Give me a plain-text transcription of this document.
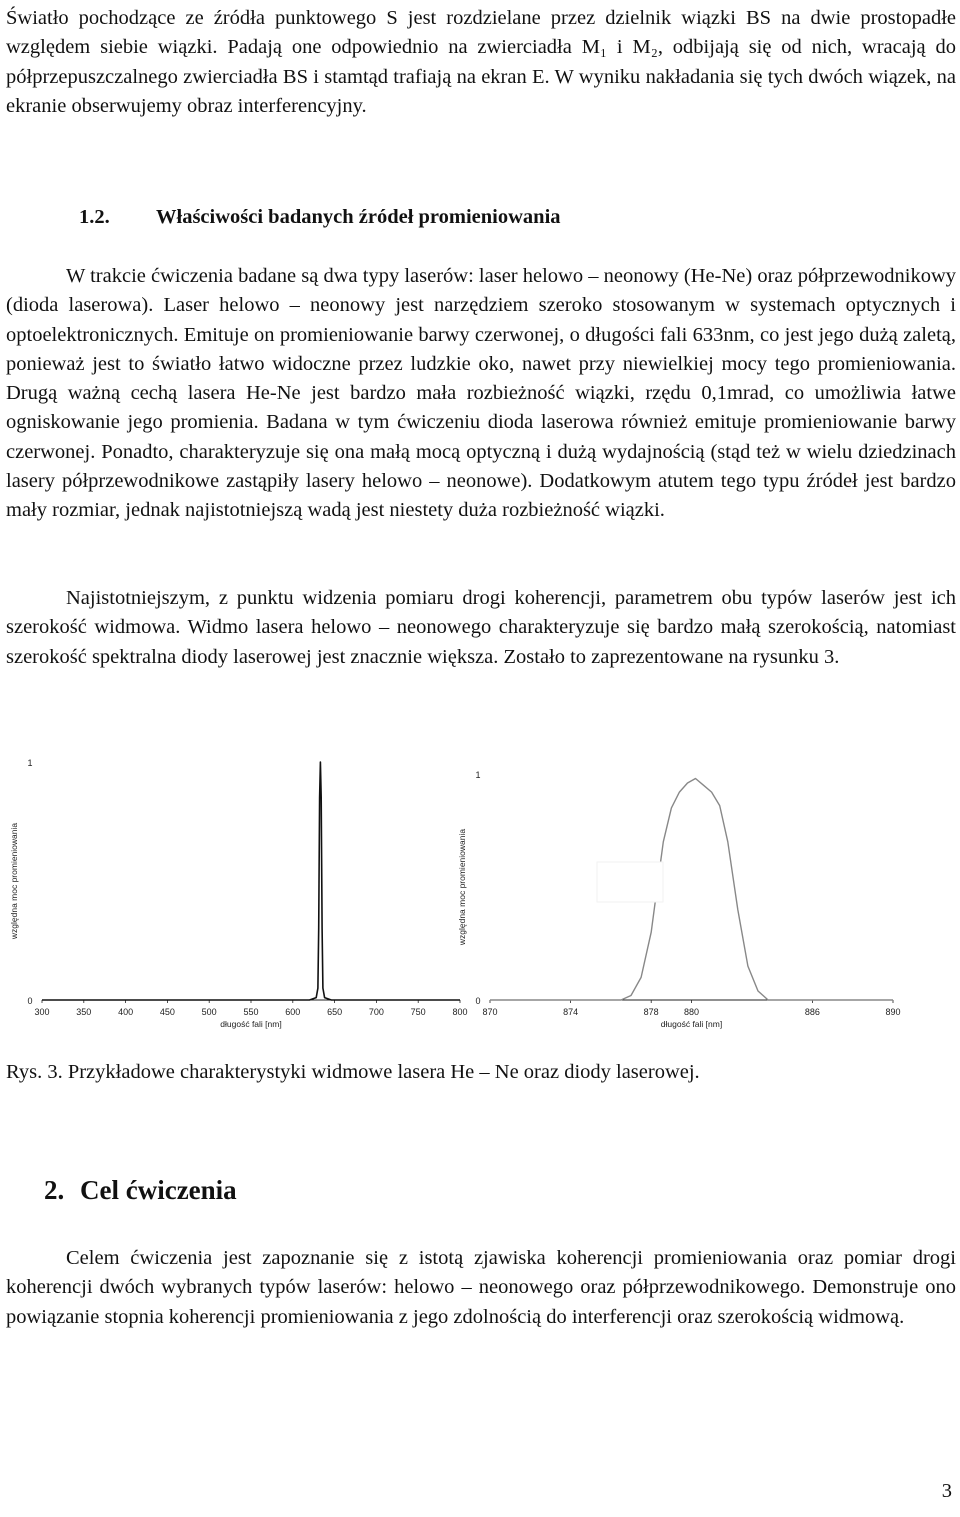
Światło pochodzące ze źródła punktowego S jest rozdzielane przez dzielnik wiązki BS na dwie prostopadłe względem siebie wiązki. Padają one odpowiednio na zwierciadła M₁ i M₂, odbijają się od nich, wracają do półprzepuszczalnego zwierciadła BS i stamtąd trafiają na ekran E. W wyniku nakładania się tych dwóch wiązek, na ekranie obserwujemy obraz interferencyjny.

1.2. Właściwości badanych źródeł promieniowania

W trakcie ćwiczenia badane są dwa typy laserów: laser helowo – neonowy (He-Ne) oraz półprzewodnikowy (dioda laserowa). Laser helowo – neonowy jest narzędziem szeroko stosowanym w systemach optycznych i optoelektronicznych. Emituje on promieniowanie barwy czerwonej, o długości fali 633nm, co jest jego dużą zaletą, ponieważ jest to światło łatwo widoczne przez ludzkie oko, nawet przy niewielkiej mocy tego promieniowania. Drugą ważną cechą lasera He-Ne jest bardzo mała rozbieżność wiązki, rzędu 0,1mrad, co umożliwia łatwe ogniskowanie jego promienia. Badana w tym ćwiczeniu dioda laserowa również emituje promieniowanie barwy czerwonej. Ponadto, charakteryzuje się ona małą mocą optyczną i dużą wydajnością (stąd też w wielu dziedzinach lasery półprzewodnikowe zastąpiły lasery helowo – neonowe). Dodatkowym atutem tego typu źródeł jest bardzo mały rozmiar, jednak najistotniejszą wadą jest niestety duża rozbieżność wiązki.

Najistotniejszym, z punktu widzenia pomiaru drogi koherencji, parametrem obu typów laserów jest ich szerokość widmowa. Widmo lasera helowo – neonowego charakteryzuje się bardzo małą szerokością, natomiast szerokość spektralna diody laserowej jest znacznie większa. Zostało to zaprezentowane na rysunku 3.

300	350	400	450	500	550	600	650	700	750	800
0
1
długość fali [nm]
względna moc promieniowania
870	874	878	880	886	890
0
1
długość fali [nm]
względna moc promieniowania

Rys. 3. Przykładowe charakterystyki widmowe lasera He – Ne oraz diody laserowej.

2. Cel ćwiczenia

Celem ćwiczenia jest zapoznanie się z istotą zjawiska koherencji promieniowania oraz pomiar drogi koherencji dwóch wybranych typów laserów: helowo – neonowego oraz półprzewodnikowego. Demonstruje ono powiązanie stopnia koherencji promieniowania z jego zdolnością do interferencji oraz szerokością widmową.

3
